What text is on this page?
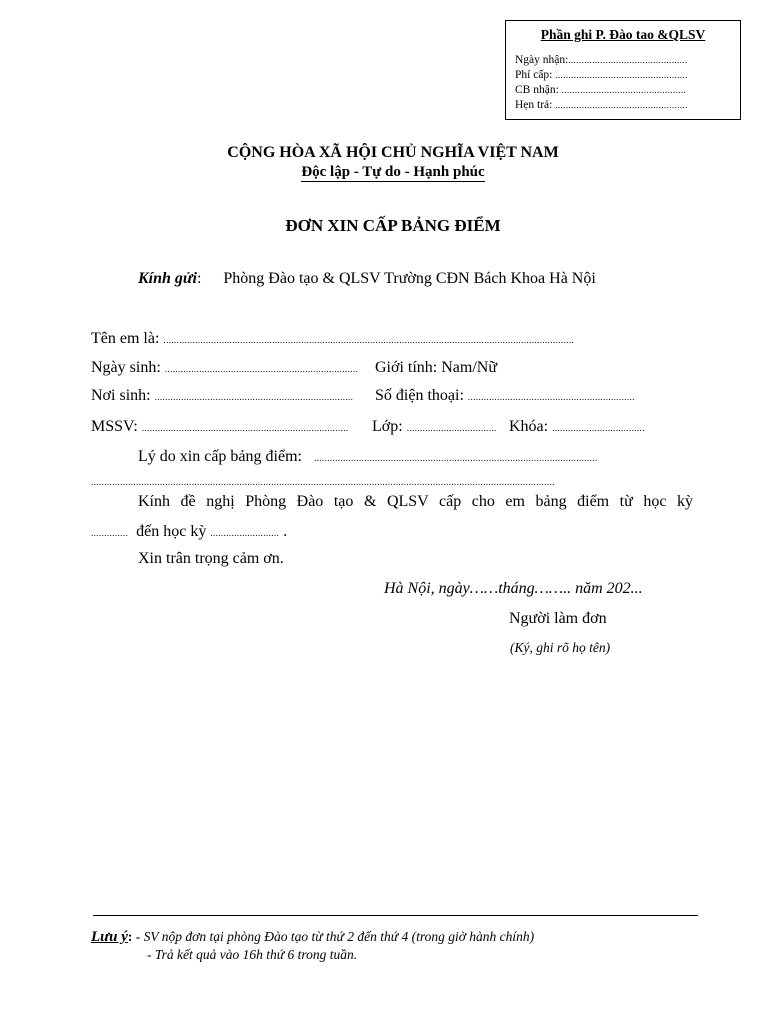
Phần ghi P. Đào tao &QLSV
Ngày nhận:.............................................
Phí cấp: ..................................................
CB nhận: ...............................................
Hẹn trả: ..................................................
CỘNG HÒA XÃ HỘI CHỦ NGHĨA VIỆT NAM
Độc lập - Tự do - Hạnh phúc
ĐƠN XIN CẤP BẢNG ĐIỂM
Kính gửi: Phòng Đào tạo & QLSV Trường CĐN Bách Khoa Hà Nội
Tên em là: ...........................................................................................................................................................
Ngày sinh: ......................................................................... Giới tính: Nam/Nữ
Nơi sinh: ........................................................................... Số điện thoại: ...............................................................
MSSV: .............................................................................. Lớp: .................................. Khóa: ...................................
Lý do xin cấp bảng điểm: ...........................................................................................................
...............................................................................................................................................................................
Kính đề nghị Phòng Đào tạo & QLSV cấp cho em bảng điểm từ học kỳ
.............. đến học kỳ .......................... .
Xin trân trọng cảm ơn.
Hà Nội, ngày……tháng…….. năm 202...
Người làm đơn
(Ký, ghi rõ họ tên)
Lưu ý: - SV nộp đơn tại phòng Đào tạo từ thứ 2 đến thứ 4 (trong giờ hành chính)
- Trả kết quả vào 16h thứ 6 trong tuần.
